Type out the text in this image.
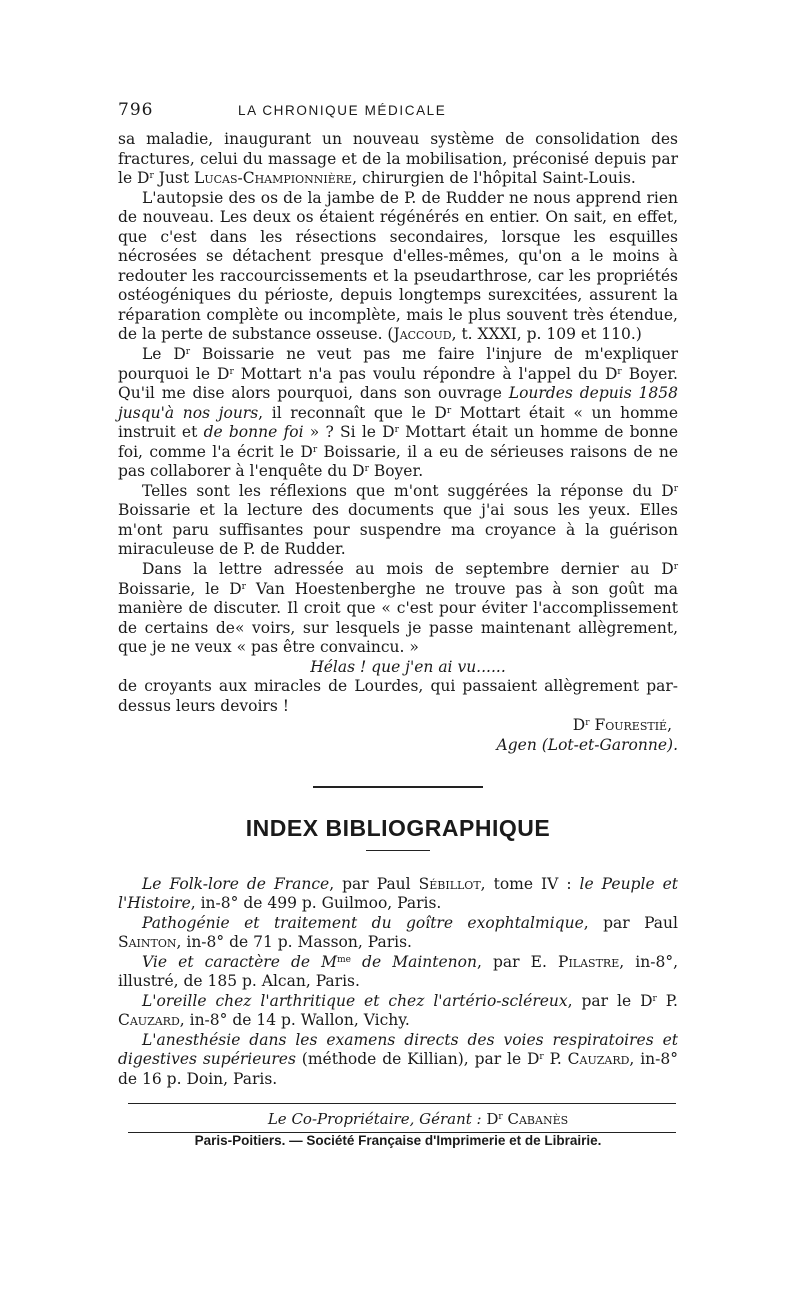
796	LA CHRONIQUE MÉDICALE

sa maladie, inaugurant un nouveau système de consolidation des fractures, celui du massage et de la mobilisation, préconisé depuis par le $D^r$ Just Lucas-Championnière, chirurgien de l'hôpital Saint-Louis.

L'autopsie des os de la jambe de P. de Rudder ne nous apprend rien de nouveau. Les deux os étaient régénérés en entier. On sait, en effet, que c'est dans les résections secondaires, lorsque les esquilles nécrosées se détachent presque d'elles-mêmes, qu'on a le moins à redouter les raccourcissements et la pseudarthrose, car les propriétés ostéogéniques du périoste, depuis longtemps surexcitées, assurent la réparation complète ou incomplète, mais le plus souvent très étendue, de la perte de substance osseuse. (Jaccoud, t. XXXI, p. 109 et 110.)

Le $D^r$ Boissarie ne veut pas me faire l'injure de m'expliquer pourquoi le $D^r$ Mottart n'a pas voulu répondre à l'appel du $D^r$ Boyer. Qu'il me dise alors pourquoi, dans son ouvrage Lourdes depuis 1858 jusqu'à nos jours, il reconnaît que le $D^r$ Mottart était « un homme instruit et de bonne foi » ? Si le $D^r$ Mottart était un homme de bonne foi, comme l'a écrit le $D^r$ Boissarie, il a eu de sérieuses raisons de ne pas collaborer à l'enquête du $D^r$ Boyer.

Telles sont les réflexions que m'ont suggérées la réponse du $D^r$ Boissarie et la lecture des documents que j'ai sous les yeux. Elles m'ont paru suffisantes pour suspendre ma croyance à la guérison miraculeuse de P. de Rudder.

Dans la lettre adressée au mois de septembre dernier au $D^r$ Boissarie, le $D^r$ Van Hoestenberghe ne trouve pas à son goût ma manière de discuter. Il croit que « c'est pour éviter l'accomplissement de certains de« voirs, sur lesquels je passe maintenant allègrement, que je ne veux « pas être convaincu. »

Hélas ! que j'en ai vu......

de croyants aux miracles de Lourdes, qui passaient allègrement par-dessus leurs devoirs !

$D^r$ Fourestié,
Agen (Lot-et-Garonne).
INDEX BIBLIOGRAPHIQUE

Le Folk-lore de France, par Paul Sébillot, tome IV : le Peuple et l'Histoire, in-8° de 499 p. Guilmoo, Paris.

Pathogénie et traitement du goître exophtalmique, par Paul Sainton, in-8° de 71 p. Masson, Paris.

Vie et caractère de $M^{me}$ de Maintenon, par E. Pilastre, in-8°, illustré, de 185 p. Alcan, Paris.

L'oreille chez l'arthritique et chez l'artério-scléreux, par le $D^r$ P. Cauzard, in-8° de 14 p. Wallon, Vichy.

L'anesthésie dans les examens directs des voies respiratoires et digestives supérieures (méthode de Killian), par le $D^r$ P. Cauzard, in-8° de 16 p. Doin, Paris.

Le Co-Propriétaire, Gérant : $D^r$ Cabanès
Paris-Poitiers. — Société Française d'Imprimerie et de Librairie.
